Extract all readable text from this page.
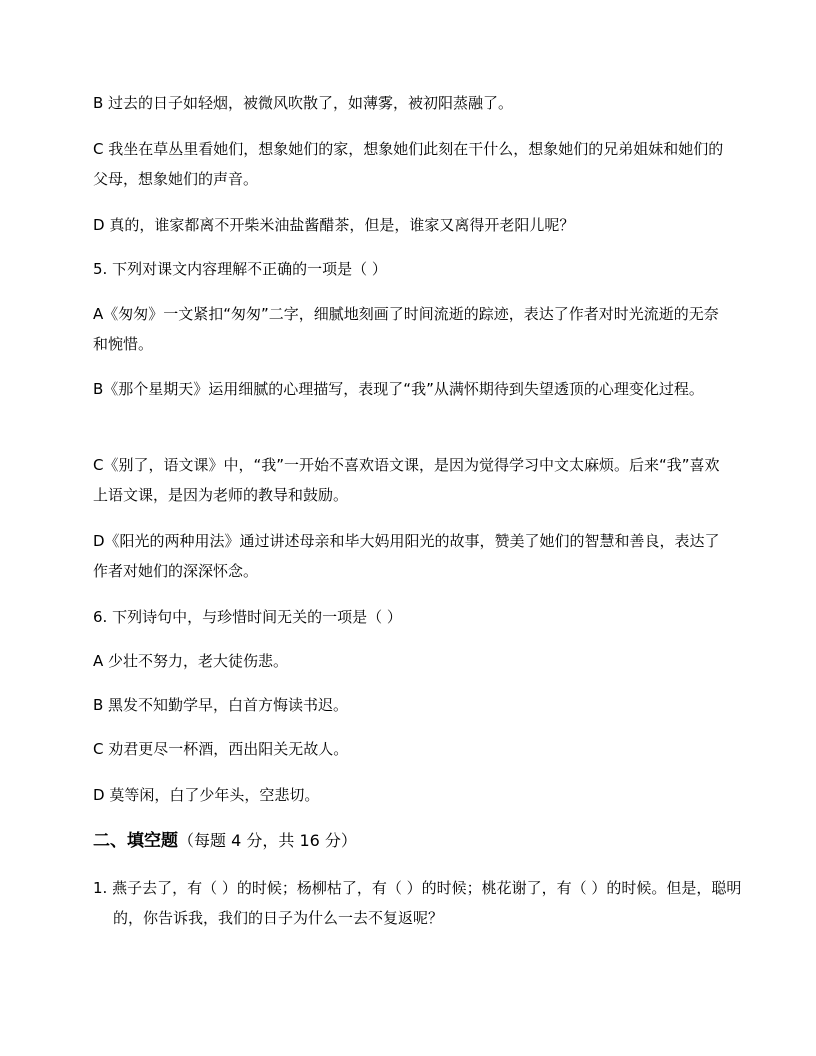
B 过去的日子如轻烟，被微风吹散了，如薄雾，被初阳蒸融了。

C 我坐在草丛里看她们，想象她们的家，想象她们此刻在干什么，想象她们的兄弟姐妹和她们的父母，想象她们的声音。

D 真的，谁家都离不开柴米油盐酱醋茶，但是，谁家又离得开老阳儿呢？

5. 下列对课文内容理解不正确的一项是（ ）

A《匆匆》一文紧扣“匆匆”二字，细腻地刻画了时间流逝的踪迹，表达了作者对时光流逝的无奈和惋惜。

B《那个星期天》运用细腻的心理描写，表现了“我”从满怀期待到失望透顶的心理变化过程。

C《别了，语文课》中，“我”一开始不喜欢语文课，是因为觉得学习中文太麻烦。后来“我”喜欢上语文课，是因为老师的教导和鼓励。

D《阳光的两种用法》通过讲述母亲和毕大妈用阳光的故事，赞美了她们的智慧和善良，表达了作者对她们的深深怀念。

6. 下列诗句中，与珍惜时间无关的一项是（ ）

A 少壮不努力，老大徒伤悲。

B 黑发不知勤学早，白首方悔读书迟。

C 劝君更尽一杯酒，西出阳关无故人。

D 莫等闲，白了少年头，空悲切。

二、填空题（每题 4 分，共 16 分）

1. 燕子去了，有（ ）的时候；杨柳枯了，有（ ）的时候；桃花谢了，有（ ）的时候。但是，聪明的，你告诉我，我们的日子为什么一去不复返呢？
